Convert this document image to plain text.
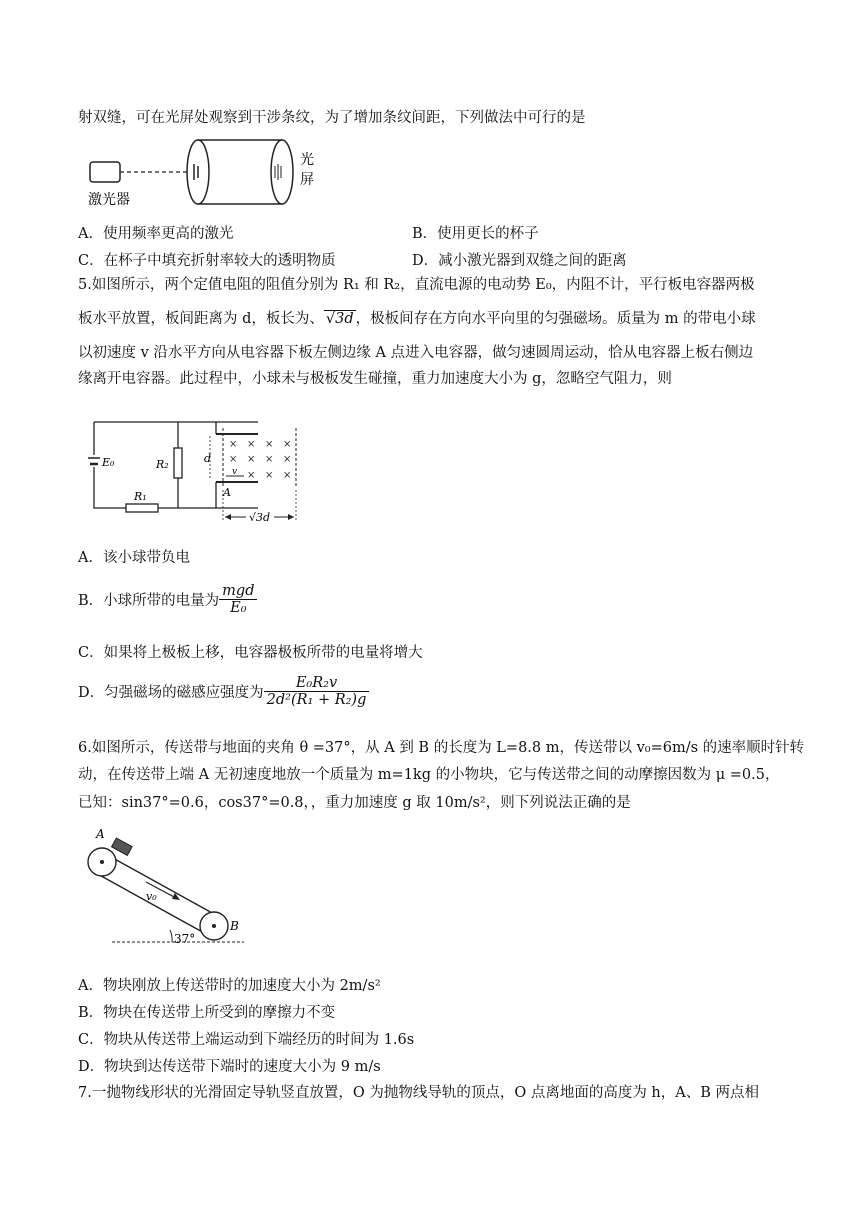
射双缝，可在光屏处观察到干涉条纹，为了增加条纹间距，下列做法中可行的是
激光器
光
屏
A．使用频率更高的激光	B．使用更长的杯子
C．在杯子中填充折射率较大的透明物质	D．减小激光器到双缝之间的距离
5.如图所示，两个定值电阻的阻值分别为 R₁ 和 R₂，直流电源的电动势 E₀，内阻不计，平行板电容器两极
板水平放置，板间距离为 d，板长为、 √3d ，极板间存在方向水平向里的匀强磁场。质量为 m 的带电小球
以初速度 v 沿水平方向从电容器下板左侧边缘 A 点进入电容器，做匀速圆周运动，恰从电容器上板右侧边
缘离开电容器。此过程中，小球未与极板发生碰撞，重力加速度大小为 g，忽略空气阻力，则
× × × ×
× × × ×
× × ×
E₀
R₁
R₂	d
v
A
√3d
A．该小球带负电
B．小球所带的电量为 $\frac{\text{mgd}}{\text{E₀}}$
C．如果将上极板上移，电容器极板所带的电量将增大
D．匀强磁场的磁感应强度为 $\frac{\text{E₀R₂v}}{\text{2d²(R₁ + R₂)g}}$
6.如图所示，传送带与地面的夹角 θ =37°，从 A 到 B 的长度为 L=8.8 m，传送带以 v₀=6m/s 的速率顺时针转
动，在传送带上端 A 无初速度地放一个质量为 m=1kg 的小物块，它与传送带之间的动摩擦因数为 μ =0.5，
已知：sin37°=0.6，cos37°=0.8，，重力加速度 g 取 10m/s²，则下列说法正确的是
A
B
v₀
37°
A．物块刚放上传送带时的加速度大小为 2m/s²
B．物块在传送带上所受到的摩擦力不变
C．物块从传送带上端运动到下端经历的时间为 1.6s
D．物块到达传送带下端时的速度大小为 9 m/s
7.一抛物线形状的光滑固定导轨竖直放置，O 为抛物线导轨的顶点，O 点离地面的高度为 h，A、B 两点相
